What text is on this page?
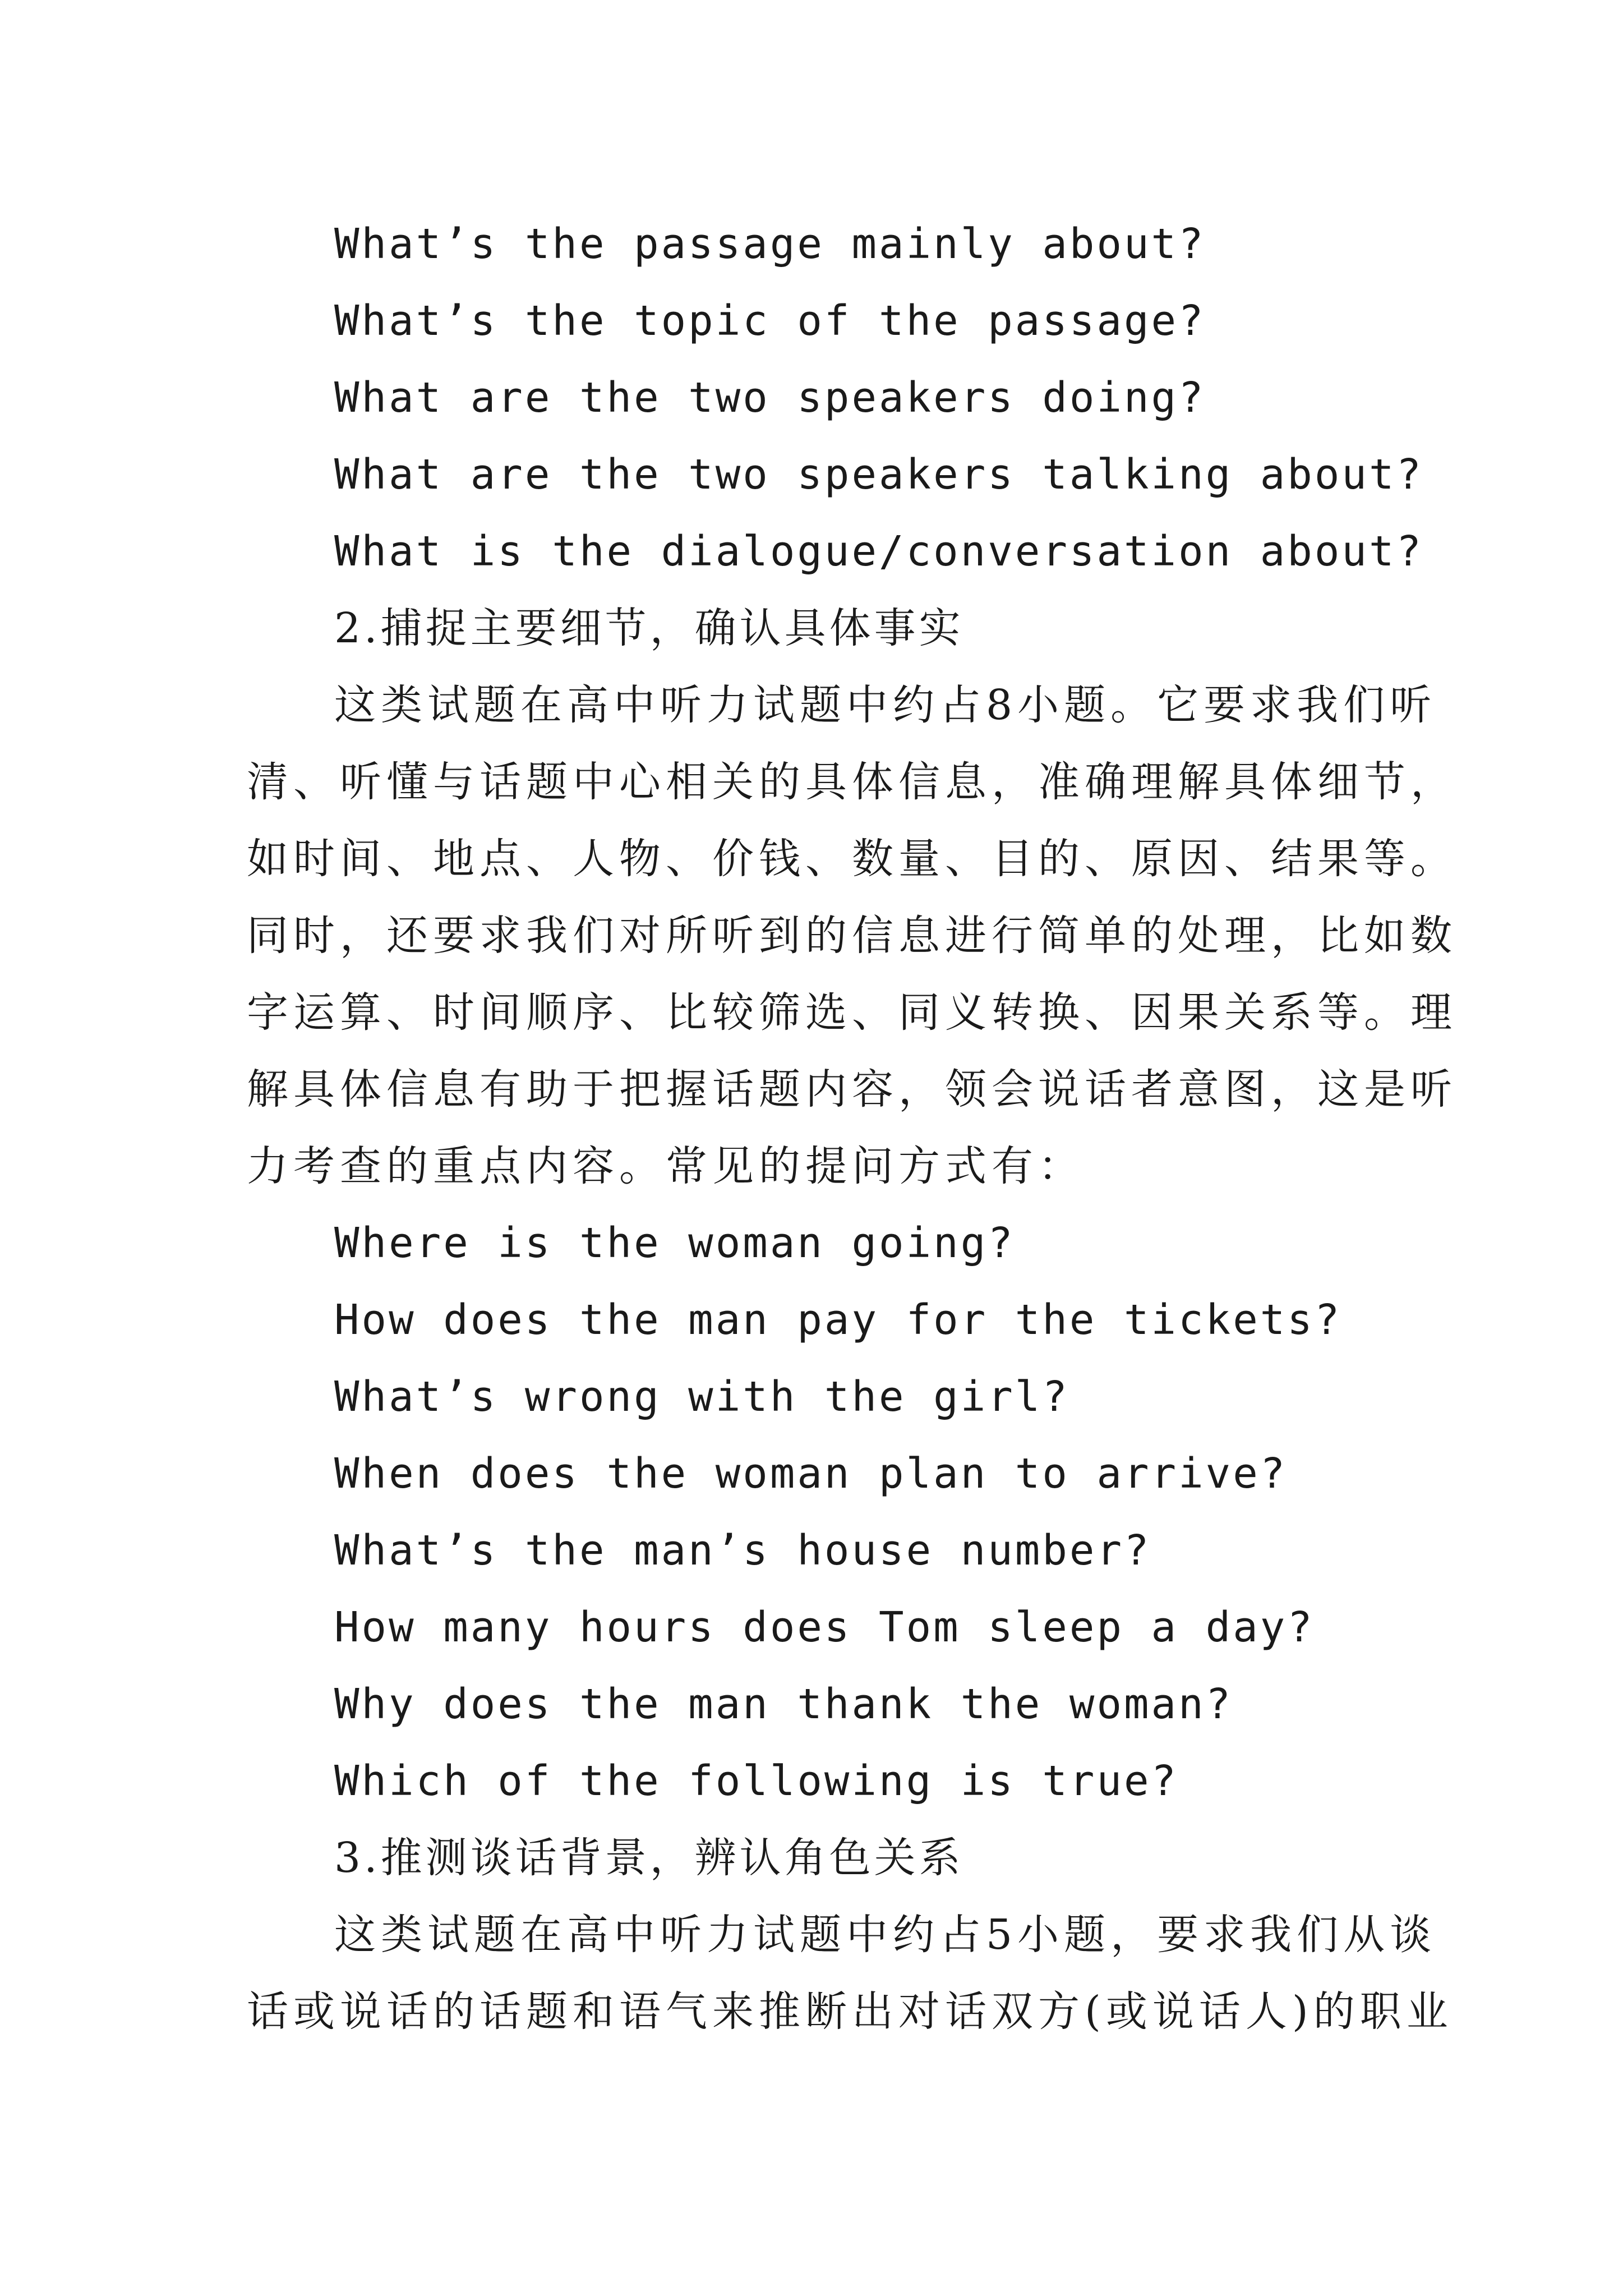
What’s the passage mainly about?
What’s the topic of the passage?
What are the two speakers doing?
What are the two speakers talking about?
What is the dialogue/conversation about?
2.捕捉主要细节，确认具体事实
这类试题在高中听力试题中约占8小题。它要求我们听
清、听懂与话题中心相关的具体信息，准确理解具体细节，
如时间、地点、人物、价钱、数量、目的、原因、结果等。
同时，还要求我们对所听到的信息进行简单的处理，比如数
字运算、时间顺序、比较筛选、同义转换、因果关系等。理
解具体信息有助于把握话题内容，领会说话者意图，这是听
力考查的重点内容。常见的提问方式有：
Where is the woman going?
How does the man pay for the tickets?
What’s wrong with the girl?
When does the woman plan to arrive?
What’s the man’s house number?
How many hours does Tom sleep a day?
Why does the man thank the woman?
Which of the following is true?
3.推测谈话背景，辨认角色关系
这类试题在高中听力试题中约占5小题，要求我们从谈
话或说话的话题和语气来推断出对话双方(或说话人)的职业
